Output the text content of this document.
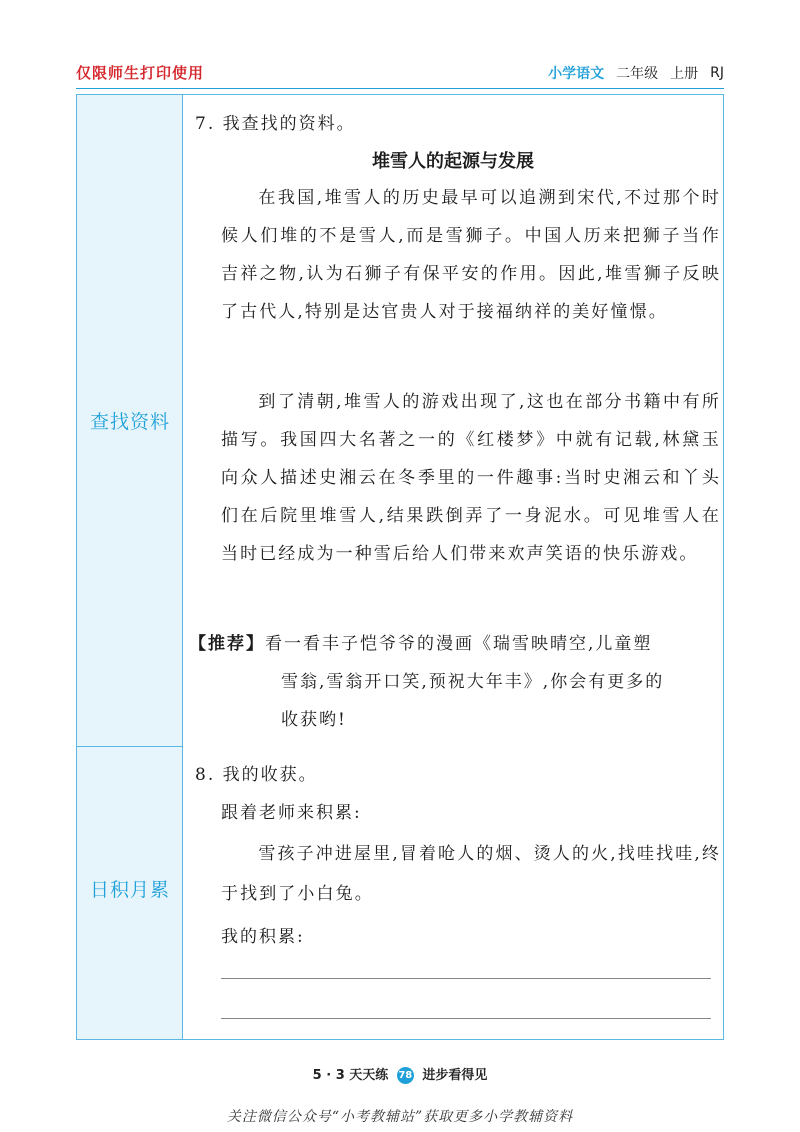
仅限师生打印使用	小学语文 二年级 上册 RJ
查找资料
日积月累
7. 我查找的资料。
堆雪人的起源与发展

在我国,堆雪人的历史最早可以追溯到宋代,不过那个时候人们堆的不是雪人,而是雪狮子。中国人历来把狮子当作吉祥之物,认为石狮子有保平安的作用。因此,堆雪狮子反映了古代人,特别是达官贵人对于接福纳祥的美好憧憬。

到了清朝,堆雪人的游戏出现了,这也在部分书籍中有所描写。我国四大名著之一的《红楼梦》中就有记载,林黛玉向众人描述史湘云在冬季里的一件趣事:当时史湘云和丫头们在后院里堆雪人,结果跌倒弄了一身泥水。可见堆雪人在当时已经成为一种雪后给人们带来欢声笑语的快乐游戏。

【推荐】看一看丰子恺爷爷的漫画《瑞雪映晴空,儿童塑
雪翁,雪翁开口笑,预祝大年丰》,你会有更多的
收获哟!
8. 我的收获。
跟着老师来积累:

雪孩子冲进屋里,冒着呛人的烟、烫人的火,找哇找哇,终于找到了小白兔。

我的积累:
5 · 3 天天练 78 进步看得见
关注微信公众号“小考教辅站”获取更多小学教辅资料
